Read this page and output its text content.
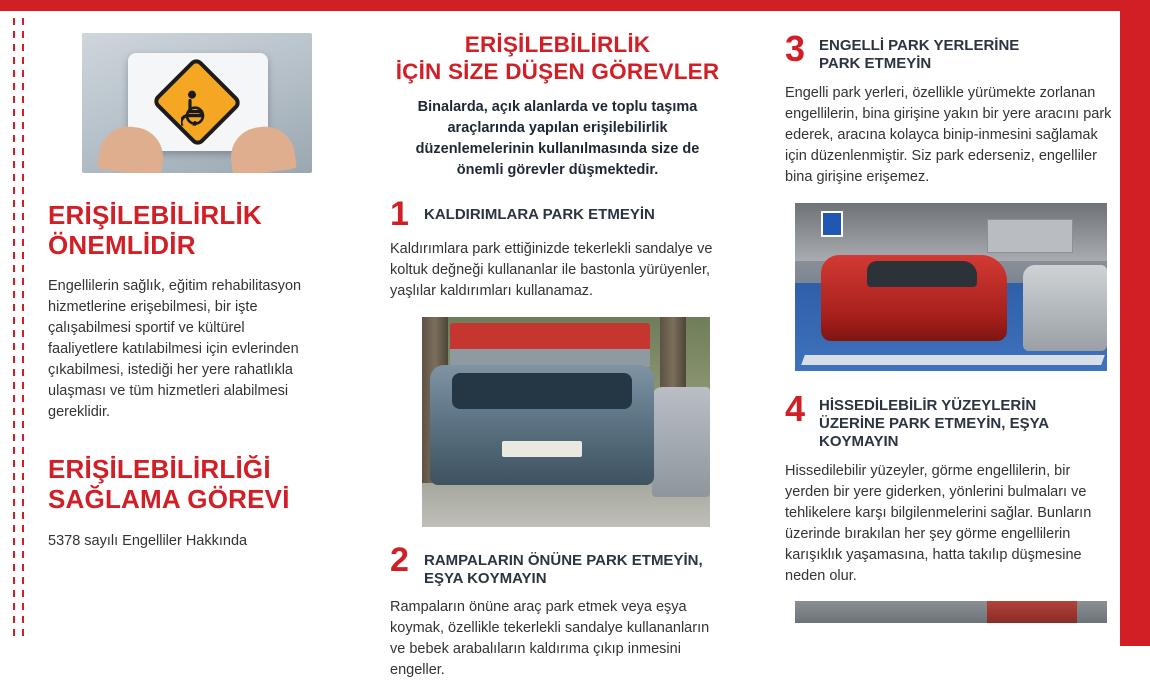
ERİŞİLEBİLİRLİK
ÖNEMLİDİR

Engellilerin sağlık, eğitim rehabilitasyon hizmetlerine erişebilmesi, bir işte çalışabilmesi sportif ve kültürel faaliyetlere katılabilmesi için evlerinden çıkabilmesi, istediği her yere rahatlıkla ulaşması ve tüm hizmetleri alabilmesi gereklidir.

ERİŞİLEBİLİRLİĞİ
SAĞLAMA GÖREVİ

5378 sayılı Engelliler Hakkında

ERİŞİLEBİLİRLİK
İÇİN SİZE DÜŞEN GÖREVLER

Binalarda, açık alanlarda ve toplu taşıma araçlarında yapılan erişilebilirlik düzenlemelerinin kullanılmasında size de önemli görevler düşmektedir.

1	KALDIRIMLARA PARK ETMEYİN

Kaldırımlara park ettiğinizde tekerlekli sandalye ve koltuk değneği kullananlar ile bastonla yürüyenler, yaşlılar kaldırımları kullanamaz.

2	RAMPALARIN ÖNÜNE PARK ETMEYİN,
EŞYA KOYMAYIN

Rampaların önüne araç park etmek veya eşya koymak, özellikle tekerlekli sandalye kullananların ve bebek arabalıların kaldırıma çıkıp inmesini engeller.

3 ENGELLİ PARK YERLERİNE
PARK ETMEYİN

Engelli park yerleri, özellikle yürümekte zorlanan engellilerin, bina girişine yakın bir yere aracını park ederek, aracına kolayca binip-inmesini sağlamak için düzenlenmiştir. Siz park ederseniz, engelliler bina girişine erişemez.

4 HİSSEDİLEBİLİR YÜZEYLERİN
ÜZERİNE PARK ETMEYİN, EŞYA
KOYMAYIN

Hissedilebilir yüzeyler, görme engellilerin, bir yerden bir yere giderken, yönlerini bulmaları ve tehlikelere karşı bilgilenmelerini sağlar. Bunların üzerinde bırakılan her şey görme engellilerin karışıklık yaşamasına, hatta takılıp düşmesine neden olur.
